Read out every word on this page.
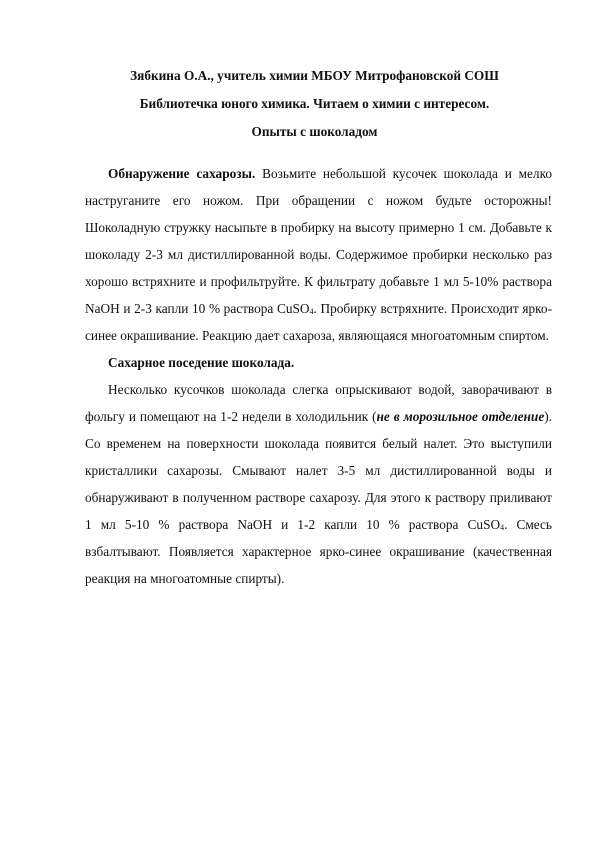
Зябкина О.А., учитель химии МБОУ Митрофановской СОШ
Библиотечка юного химика. Читаем о химии с интересом.
Опыты с шоколадом

Обнаружение сахарозы. Возьмите небольшой кусочек шоколада и мелко наструганите его ножом. При обращении с ножом будьте осторожны! Шоколадную стружку насыпьте в пробирку на высоту примерно 1 см. Добавьте к шоколаду 2-3 мл дистиллированной воды. Содержимое пробирки несколько раз хорошо встряхните и профильтруйте. К фильтрату добавьте 1 мл 5-10% раствора NaOH и 2-3 капли 10 % раствора CuSO$_4$. Пробирку встряхните. Происходит ярко-синее окрашивание. Реакцию дает сахароза, являющаяся многоатомным спиртом.

Сахарное поседение шоколада.

Несколько кусочков шоколада слегка опрыскивают водой, заворачивают в фольгу и помещают на 1-2 недели в холодильник (не в морозильное отделение). Со временем на поверхности шоколада появится белый налет. Это выступили кристаллики сахарозы. Смывают налет 3-5 мл дистиллированной воды и обнаруживают в полученном растворе сахарозу. Для этого к раствору приливают 1 мл 5-10 % раствора NaOH и 1-2 капли 10 % раствора CuSO$_4$. Смесь взбалтывают. Появляется характерное ярко-синее окрашивание (качественная реакция на многоатомные спирты).
